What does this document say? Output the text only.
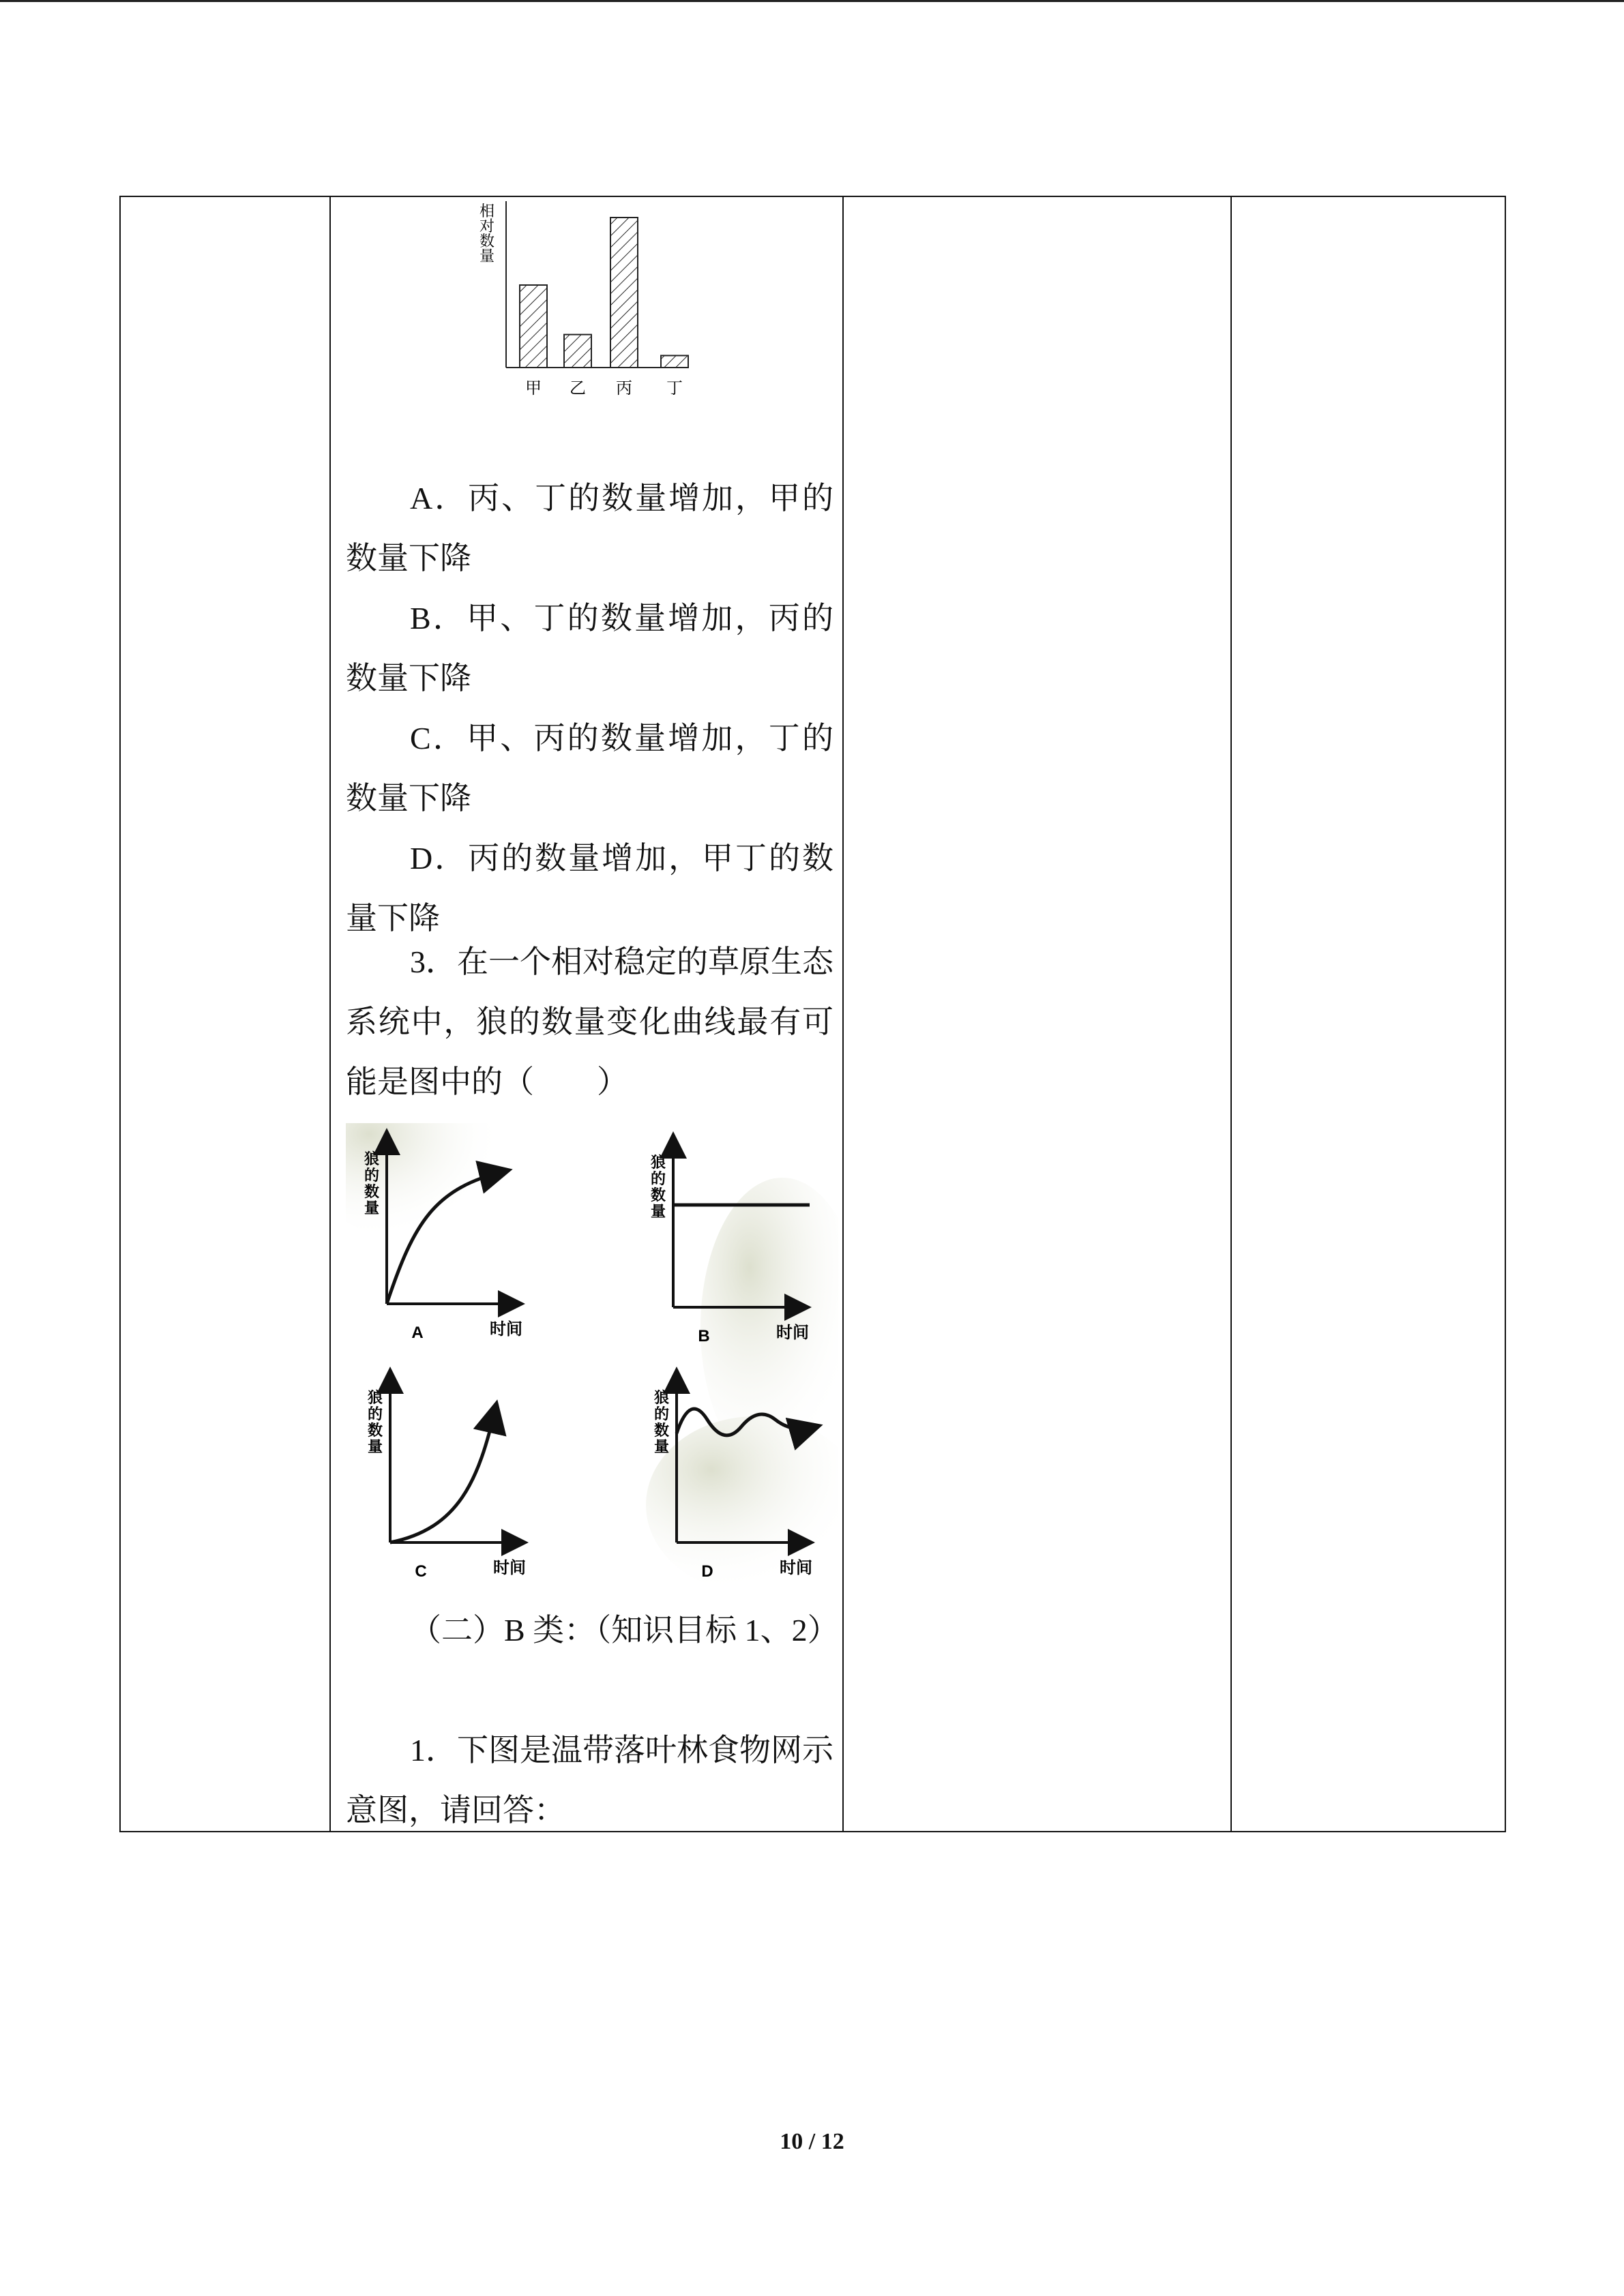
相
对
数
量
甲 乙 丙 丁
A．丙、丁的数量增加，甲的数量下降
B．甲、丁的数量增加，丙的数量下降
C．甲、丙的数量增加，丁的数量下降
D．丙的数量增加，甲丁的数量下降
3．在一个相对稳定的草原生态系统中，狼的数量变化曲线最有可能是图中的（　　）
狼
的
数
量
A	时间
狼
的
数
量
B	时间
狼
的
数
量
C	时间
狼
的
数
量
D	时间
（二）B 类：（知识目标 1、2）
1．下图是温带落叶林食物网示意图，请回答：
10 / 12
